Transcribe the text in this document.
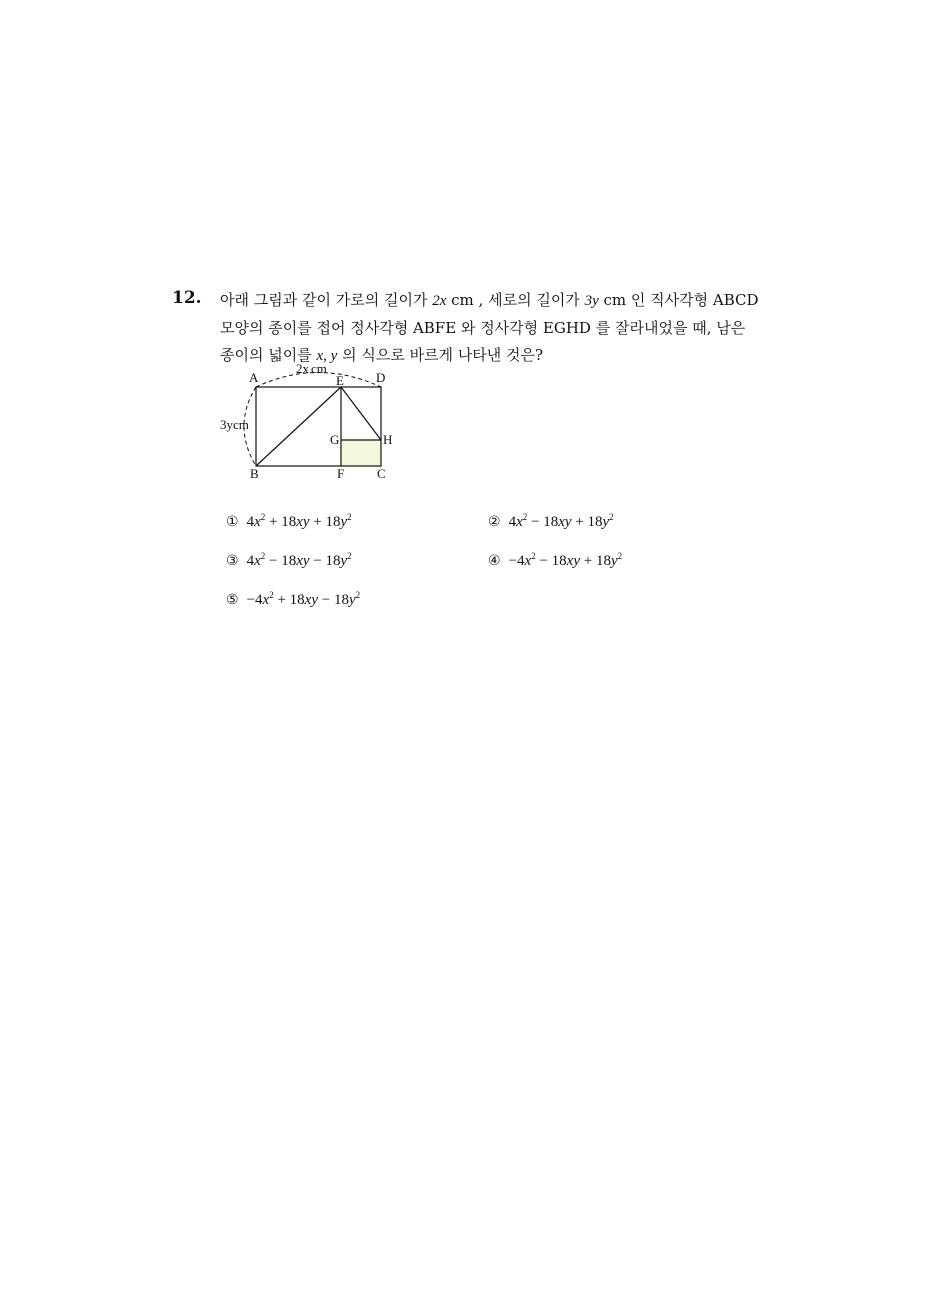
12. 아래 그림과 같이 가로의 길이가 2x cm , 세로의 길이가 3y cm 인 직사각형 ABCD
모양의 종이를 접어 정사각형 ABFE 와 정사각형 EGHD 를 잘라내었을 때, 남은
종이의 넓이를 x, y 의 식으로 바르게 나타낸 것은?
A	E D
G	H
B	F	C
2x cm
3ycm
① $4x^2 + 18xy + 18y^2$	② $4x^2 - 18xy + 18y^2$
③ $4x^2 - 18xy - 18y^2$	④ $-4x^2 - 18xy + 18y^2$
⑤ $-4x^2 + 18xy - 18y^2$
